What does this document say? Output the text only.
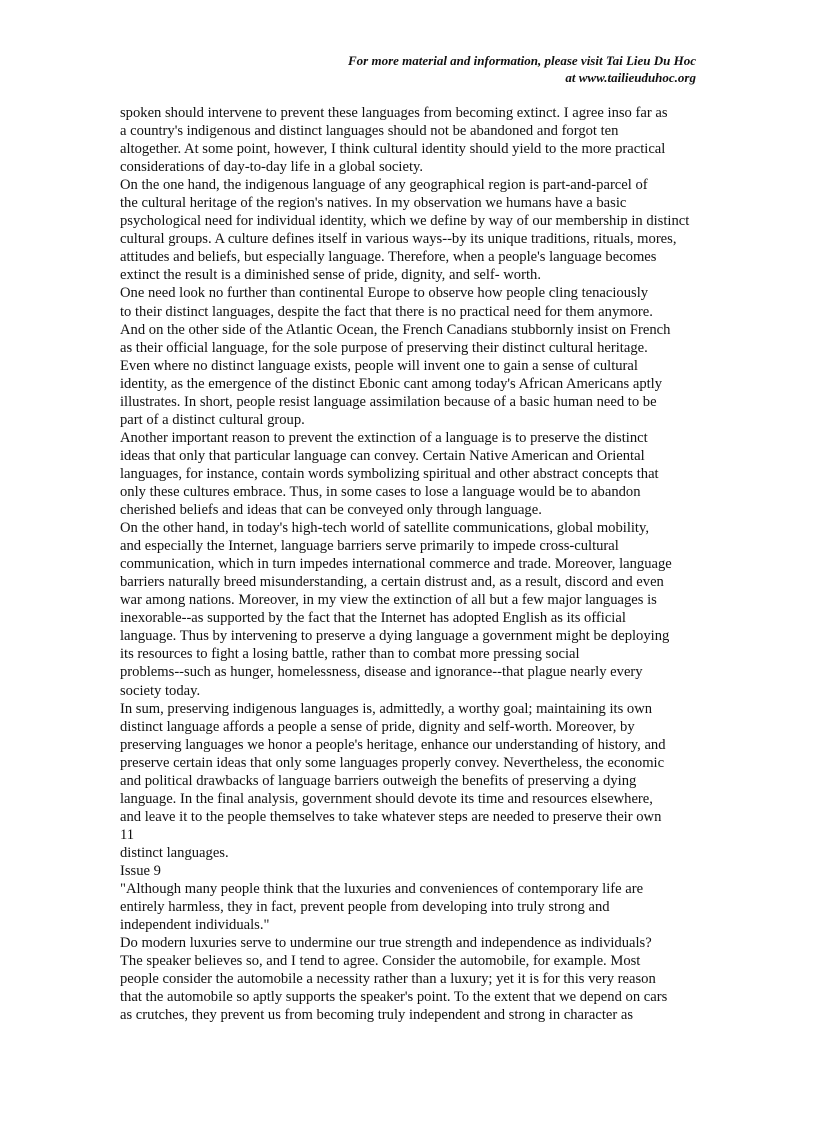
For more material and information, please visit Tai Lieu Du Hoc
at www.tailieuduhoc.org
spoken should intervene to prevent these languages from becoming extinct. I agree inso far as
a country's indigenous and distinct languages should not be abandoned and forgot ten
altogether. At some point, however, I think cultural identity should yield to the more practical
considerations of day-to-day life in a global society.
On the one hand, the indigenous language of any geographical region is part-and-parcel of
the cultural heritage of the region's natives. In my observation we humans have a basic
psychological need for individual identity, which we define by way of our membership in distinct
cultural groups. A culture defines itself in various ways--by its unique traditions, rituals, mores,
attitudes and beliefs, but especially language. Therefore, when a people's language becomes
extinct the result is a diminished sense of pride, dignity, and self- worth.
One need look no further than continental Europe to observe how people cling tenaciously
to their distinct languages, despite the fact that there is no practical need for them anymore.
And on the other side of the Atlantic Ocean, the French Canadians stubbornly insist on French
as their official language, for the sole purpose of preserving their distinct cultural heritage.
Even where no distinct language exists, people will invent one to gain a sense of cultural
identity, as the emergence of the distinct Ebonic cant among today's African Americans aptly
illustrates. In short, people resist language assimilation because of a basic human need to be
part of a distinct cultural group.
Another important reason to prevent the extinction of a language is to preserve the distinct
ideas that only that particular language can convey. Certain Native American and Oriental
languages, for instance, contain words symbolizing spiritual and other abstract concepts that
only these cultures embrace. Thus, in some cases to lose a language would be to abandon
cherished beliefs and ideas that can be conveyed only through language.
On the other hand, in today's high-tech world of satellite communications, global mobility,
and especially the Internet, language barriers serve primarily to impede cross-cultural
communication, which in turn impedes international commerce and trade. Moreover, language
barriers naturally breed misunderstanding, a certain distrust and, as a result, discord and even
war among nations. Moreover, in my view the extinction of all but a few major languages is
inexorable--as supported by the fact that the Internet has adopted English as its official
language. Thus by intervening to preserve a dying language a government might be deploying
its resources to fight a losing battle, rather than to combat more pressing social
problems--such as hunger, homelessness, disease and ignorance--that plague nearly every
society today.
In sum, preserving indigenous languages is, admittedly, a worthy goal; maintaining its own
distinct language affords a people a sense of pride, dignity and self-worth. Moreover, by
preserving languages we honor a people's heritage, enhance our understanding of history, and
preserve certain ideas that only some languages properly convey. Nevertheless, the economic
and political drawbacks of language barriers outweigh the benefits of preserving a dying
language. In the final analysis, government should devote its time and resources elsewhere,
and leave it to the people themselves to take whatever steps are needed to preserve their own
11
distinct languages.
Issue 9
"Although many people think that the luxuries and conveniences of contemporary life are
entirely harmless, they in fact, prevent people from developing into truly strong and
independent individuals."
Do modern luxuries serve to undermine our true strength and independence as individuals?
The speaker believes so, and I tend to agree. Consider the automobile, for example. Most
people consider the automobile a necessity rather than a luxury; yet it is for this very reason
that the automobile so aptly supports the speaker's point. To the extent that we depend on cars
as crutches, they prevent us from becoming truly independent and strong in character as
